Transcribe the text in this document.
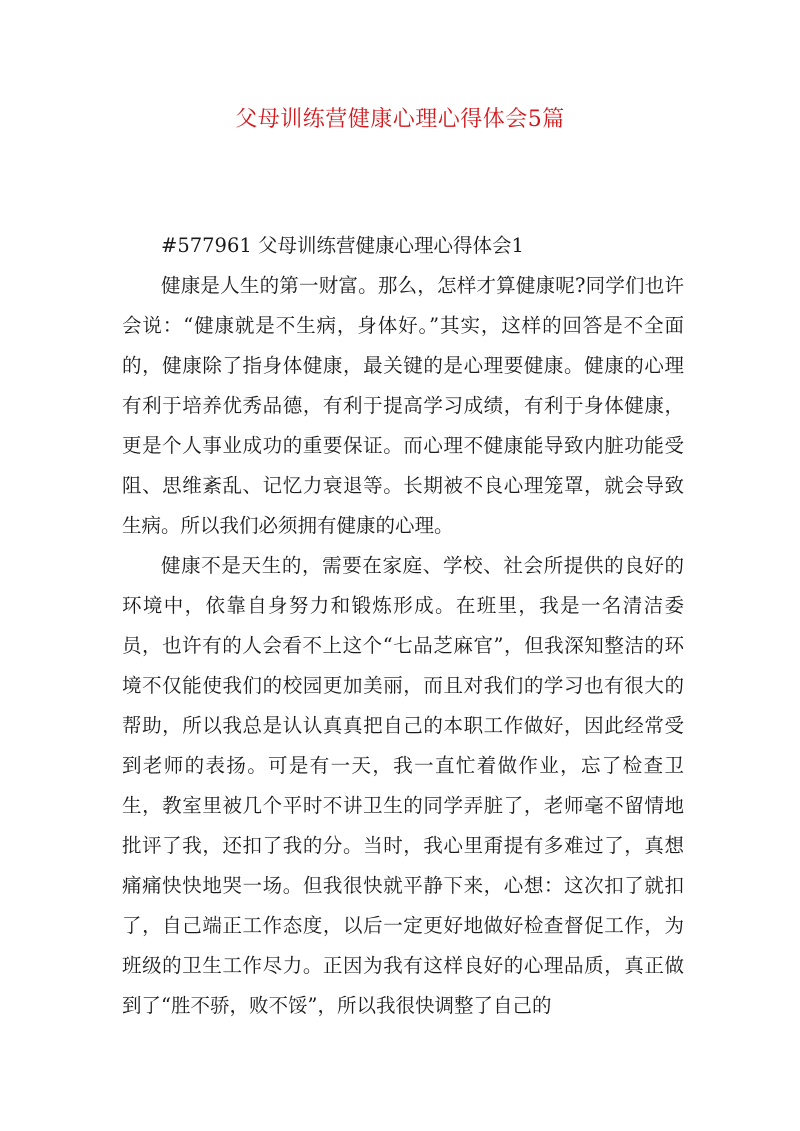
父母训练营健康心理心得体会5篇

#577961 父母训练营健康心理心得体会1

健康是人生的第一财富。那么，怎样才算健康呢?同学们也许会说：“健康就是不生病，身体好。”其实，这样的回答是不全面的，健康除了指身体健康，最关键的是心理要健康。健康的心理有利于培养优秀品德，有利于提高学习成绩，有利于身体健康，更是个人事业成功的重要保证。而心理不健康能导致内脏功能受阻、思维紊乱、记忆力衰退等。长期被不良心理笼罩，就会导致生病。所以我们必须拥有健康的心理。

健康不是天生的，需要在家庭、学校、社会所提供的良好的环境中，依靠自身努力和锻炼形成。在班里，我是一名清洁委员，也许有的人会看不上这个“七品芝麻官”，但我深知整洁的环境不仅能使我们的校园更加美丽，而且对我们的学习也有很大的帮助，所以我总是认认真真把自己的本职工作做好，因此经常受到老师的表扬。可是有一天，我一直忙着做作业，忘了检查卫生，教室里被几个平时不讲卫生的同学弄脏了，老师毫不留情地批评了我，还扣了我的分。当时，我心里甭提有多难过了，真想痛痛快快地哭一场。但我很快就平静下来，心想：这次扣了就扣了，自己端正工作态度，以后一定更好地做好检查督促工作，为班级的卫生工作尽力。正因为我有这样良好的心理品质，真正做到了“胜不骄，败不馁”，所以我很快调整了自己的
